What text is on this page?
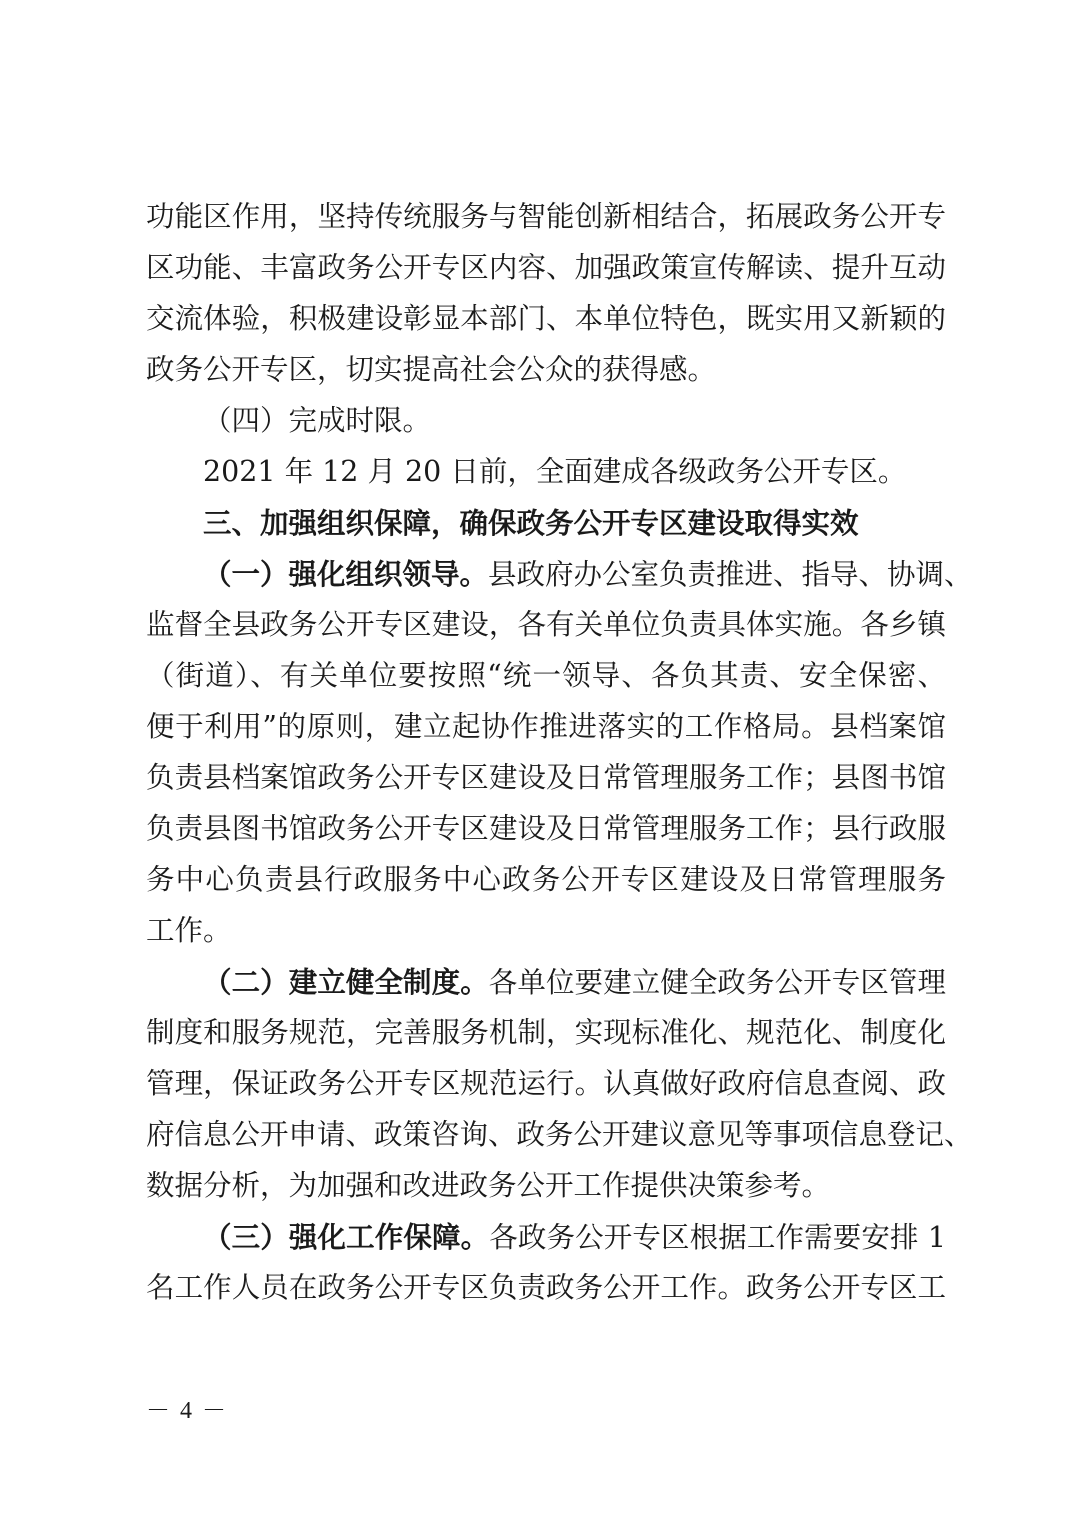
功能区作用，坚持传统服务与智能创新相结合，拓展政务公开专
区功能、丰富政务公开专区内容、加强政策宣传解读、提升互动
交流体验，积极建设彰显本部门、本单位特色，既实用又新颖的
政务公开专区，切实提高社会公众的获得感。
（四）完成时限。
2021 年 12 月 20 日前，全面建成各级政务公开专区。
三、加强组织保障，确保政务公开专区建设取得实效
（一）强化组织领导。县政府办公室负责推进、指导、协调、
监督全县政务公开专区建设，各有关单位负责具体实施。各乡镇
（街道）、有关单位要按照“统一领导、各负其责、安全保密、
便于利用”的原则，建立起协作推进落实的工作格局。县档案馆
负责县档案馆政务公开专区建设及日常管理服务工作；县图书馆
负责县图书馆政务公开专区建设及日常管理服务工作；县行政服
务中心负责县行政服务中心政务公开专区建设及日常管理服务
工作。
（二）建立健全制度。各单位要建立健全政务公开专区管理
制度和服务规范，完善服务机制，实现标准化、规范化、制度化
管理，保证政务公开专区规范运行。认真做好政府信息查阅、政
府信息公开申请、政策咨询、政务公开建议意见等事项信息登记、
数据分析，为加强和改进政务公开工作提供决策参考。
（三）强化工作保障。各政务公开专区根据工作需要安排 1
名工作人员在政务公开专区负责政务公开工作。政务公开专区工
－ 4 －
